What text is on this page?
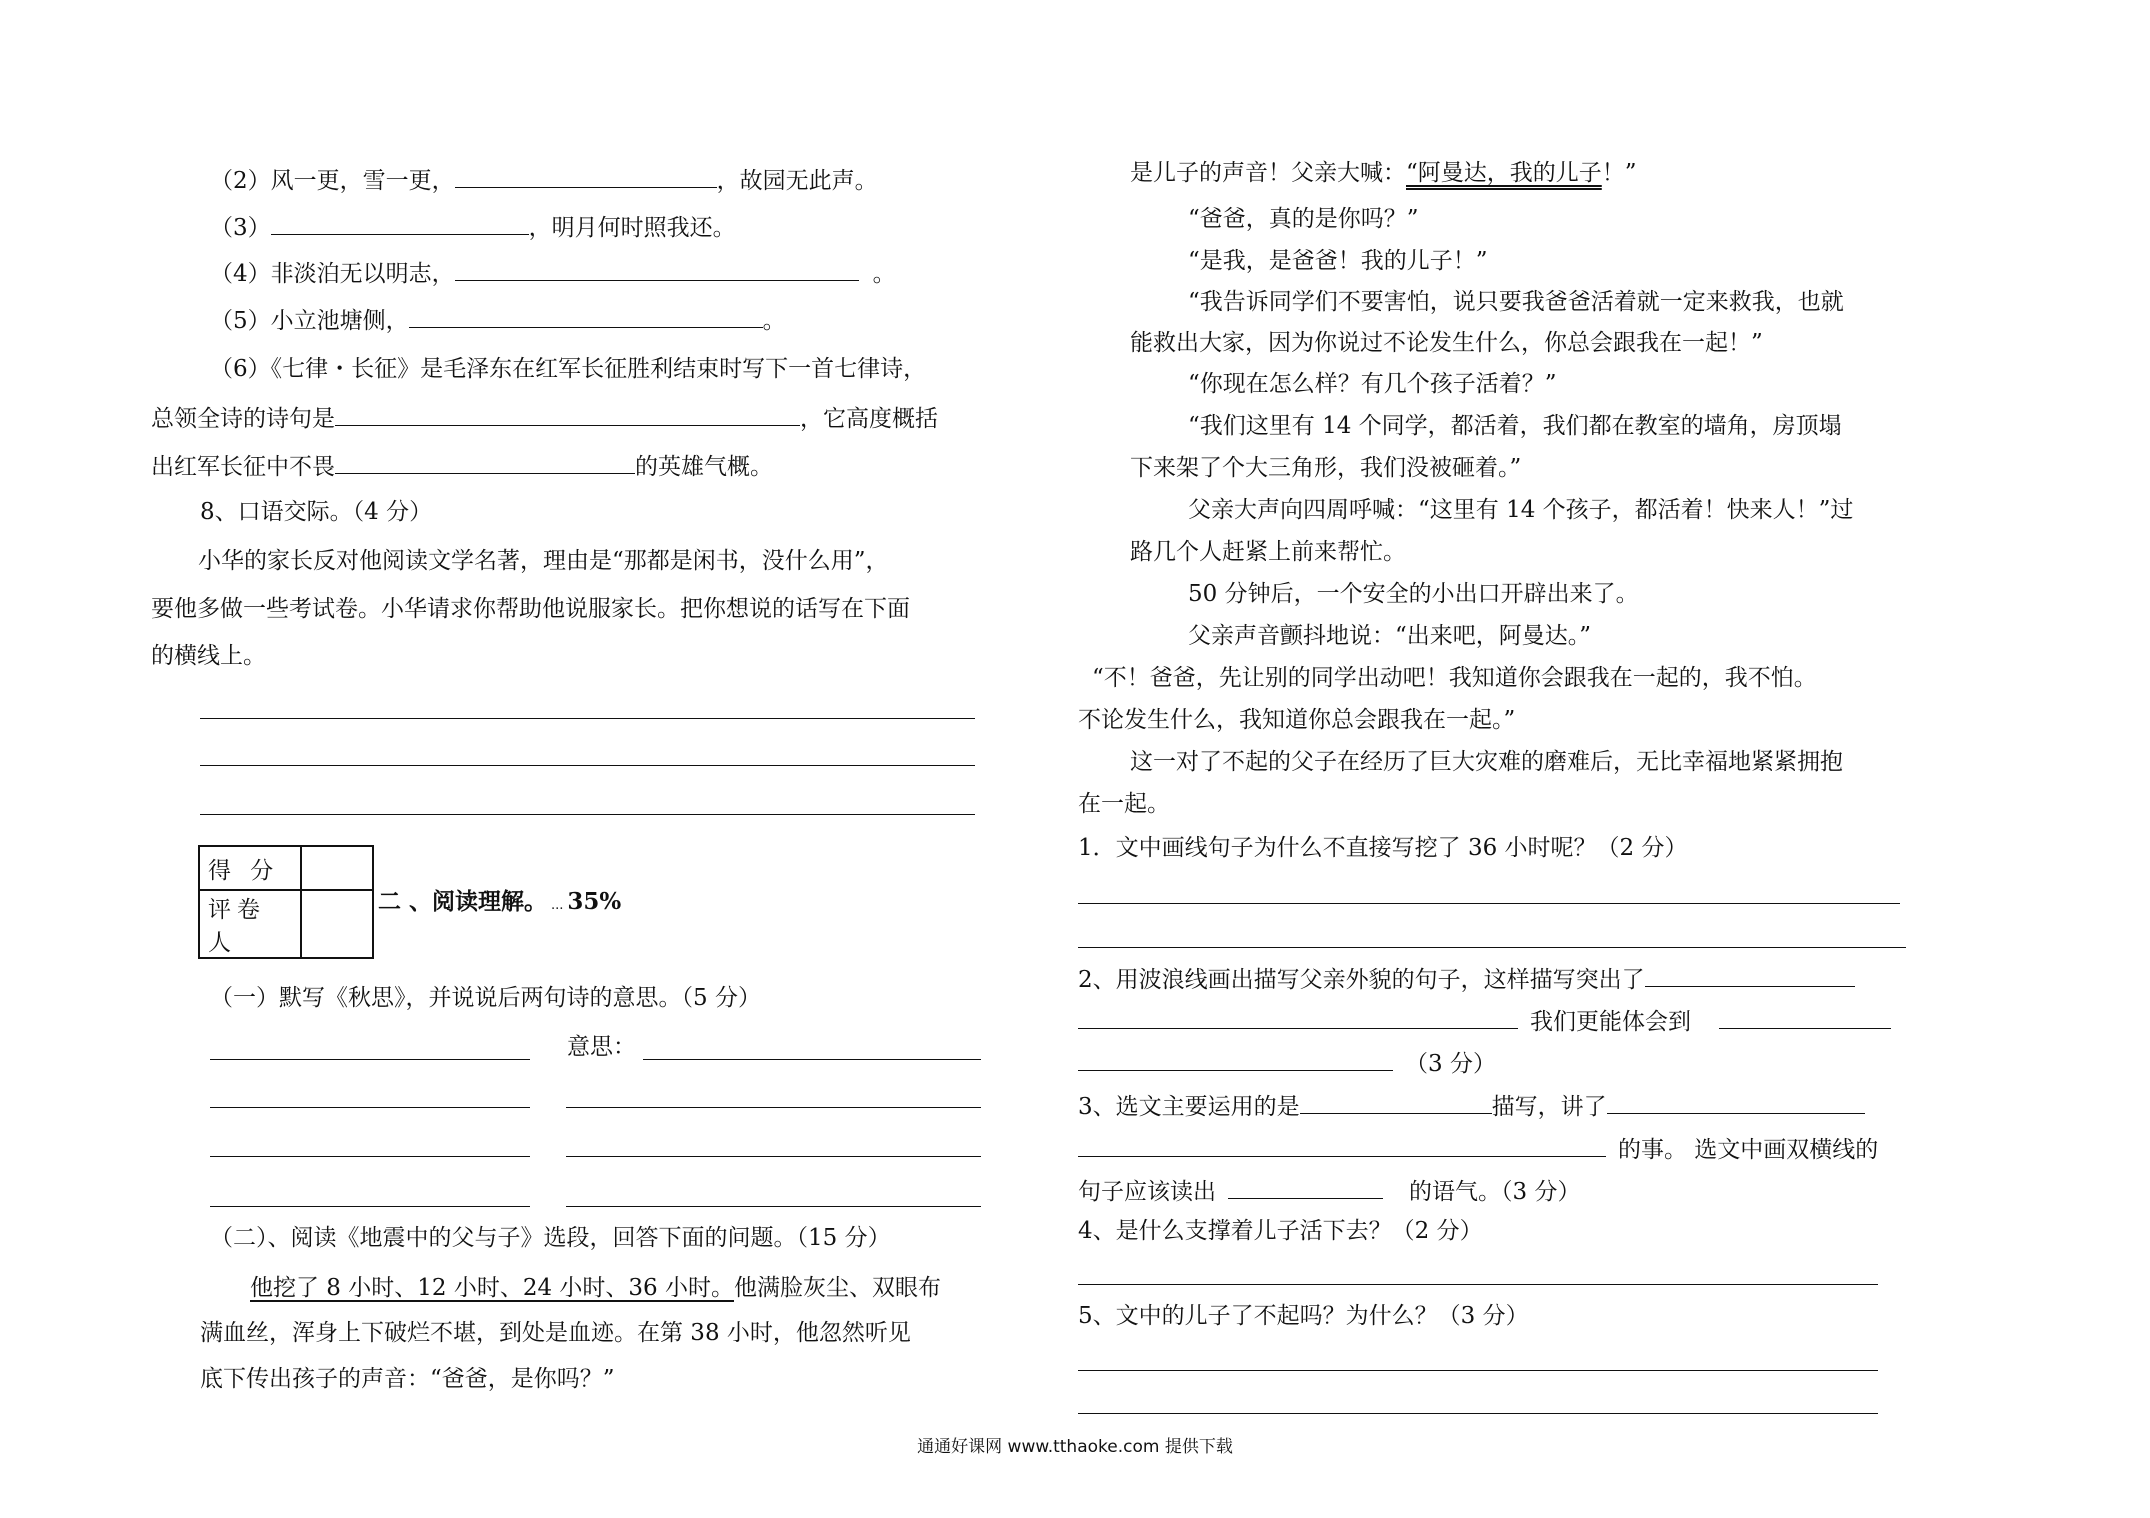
（2）风一更，雪一更，	，故园无此声。
（3）	，明月何时照我还。
（4）非淡泊无以明志，	。
（5）小立池塘侧，	。
（6）《七律・长征》是毛泽东在红军长征胜利结束时写下一首七律诗，
总领全诗的诗句是	，它高度概括
出红军长征中不畏	的英雄气概。
8、口语交际。（4 分）
小华的家长反对他阅读文学名著，理由是“那都是闲书，没什么用”，
要他多做一些考试卷。小华请求你帮助他说服家长。把你想说的话写在下面
的横线上。
得 分	
评卷人	
二 、阅读理解。 ... 35%
（一）默写《秋思》，并说说后两句诗的意思。（5 分）
意思：
（二）、阅读《地震中的父与子》选段，回答下面的问题。（15 分）
他挖了 8 小时、12 小时、24 小时、36 小时。他满脸灰尘、双眼布
满血丝，浑身上下破烂不堪，到处是血迹。在第 38 小时，他忽然听见
底下传出孩子的声音：“爸爸，是你吗？”
是儿子的声音！父亲大喊：“阿曼达，我的儿子！”
“爸爸，真的是你吗？”
“是我，是爸爸！我的儿子！”
“我告诉同学们不要害怕，说只要我爸爸活着就一定来救我，也就
能救出大家，因为你说过不论发生什么，你总会跟我在一起！”
“你现在怎么样？有几个孩子活着？”
“我们这里有 14 个同学，都活着，我们都在教室的墙角，房顶塌
下来架了个大三角形，我们没被砸着。”
父亲大声向四周呼喊：“这里有 14 个孩子，都活着！快来人！”过
路几个人赶紧上前来帮忙。
50 分钟后，一个安全的小出口开辟出来了。
父亲声音颤抖地说：“出来吧，阿曼达。”
“不！爸爸，先让别的同学出动吧！我知道你会跟我在一起的，我不怕。
不论发生什么，我知道你总会跟我在一起。”
这一对了不起的父子在经历了巨大灾难的磨难后，无比幸福地紧紧拥抱
在一起。
1．文中画线句子为什么不直接写挖了 36 小时呢？（2 分）
2、用波浪线画出描写父亲外貌的句子，这样描写突出了
我们更能体会到
（3 分）
3、选文主要运用的是	描写，讲了
的事。 选文中画双横线的
句子应该读出	的语气。（3 分）
4、是什么支撑着儿子活下去？（2 分）
5、文中的儿子了不起吗？为什么？（3 分）
通通好课网 www.tthaoke.com 提供下载
